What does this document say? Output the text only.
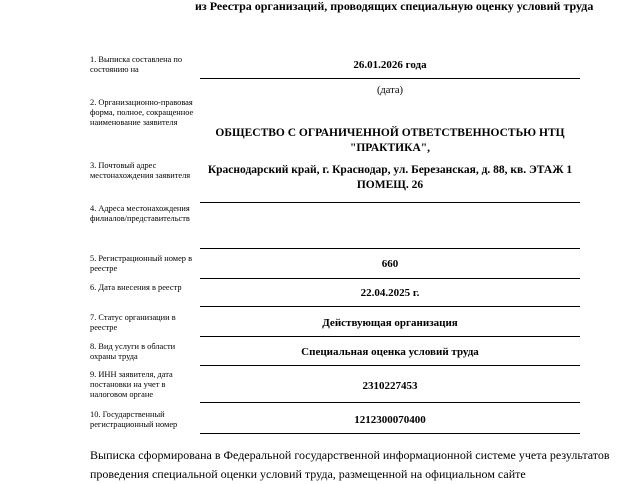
из Реестра организаций, проводящих специальную оценку условий труда
1. Выписка составлена по состоянию на	26.01.2026 года
(дата)
2. Организационно-правовая форма, полное, сокращенное наименование заявителя
ОБЩЕСТВО С ОГРАНИЧЕННОЙ ОТВЕТСТВЕННОСТЬЮ НТЦ "ПРАКТИКА",
3. Почтовый адрес местонахождения заявителя	Краснодарский край, г. Краснодар, ул. Березанская, д. 88, кв. ЭТАЖ 1 ПОМЕЩ. 26
4. Адреса местонахождения филиалов/представительств
5. Регистрационный номер в реестре	660
6. Дата внесения в реестр	22.04.2025 г.
7. Статус организации в реестре	Действующая организация
8. Вид услуги в области охраны труда	Специальная оценка условий труда
9. ИНН заявителя, дата постановки на учет в налоговом органе
2310227453
10. Государственный регистрационный номер	1212300070400
Выписка сформирована в Федеральной государственной информационной системе учета результатов проведения специальной оценки условий труда, размещенной на официальном сайте
